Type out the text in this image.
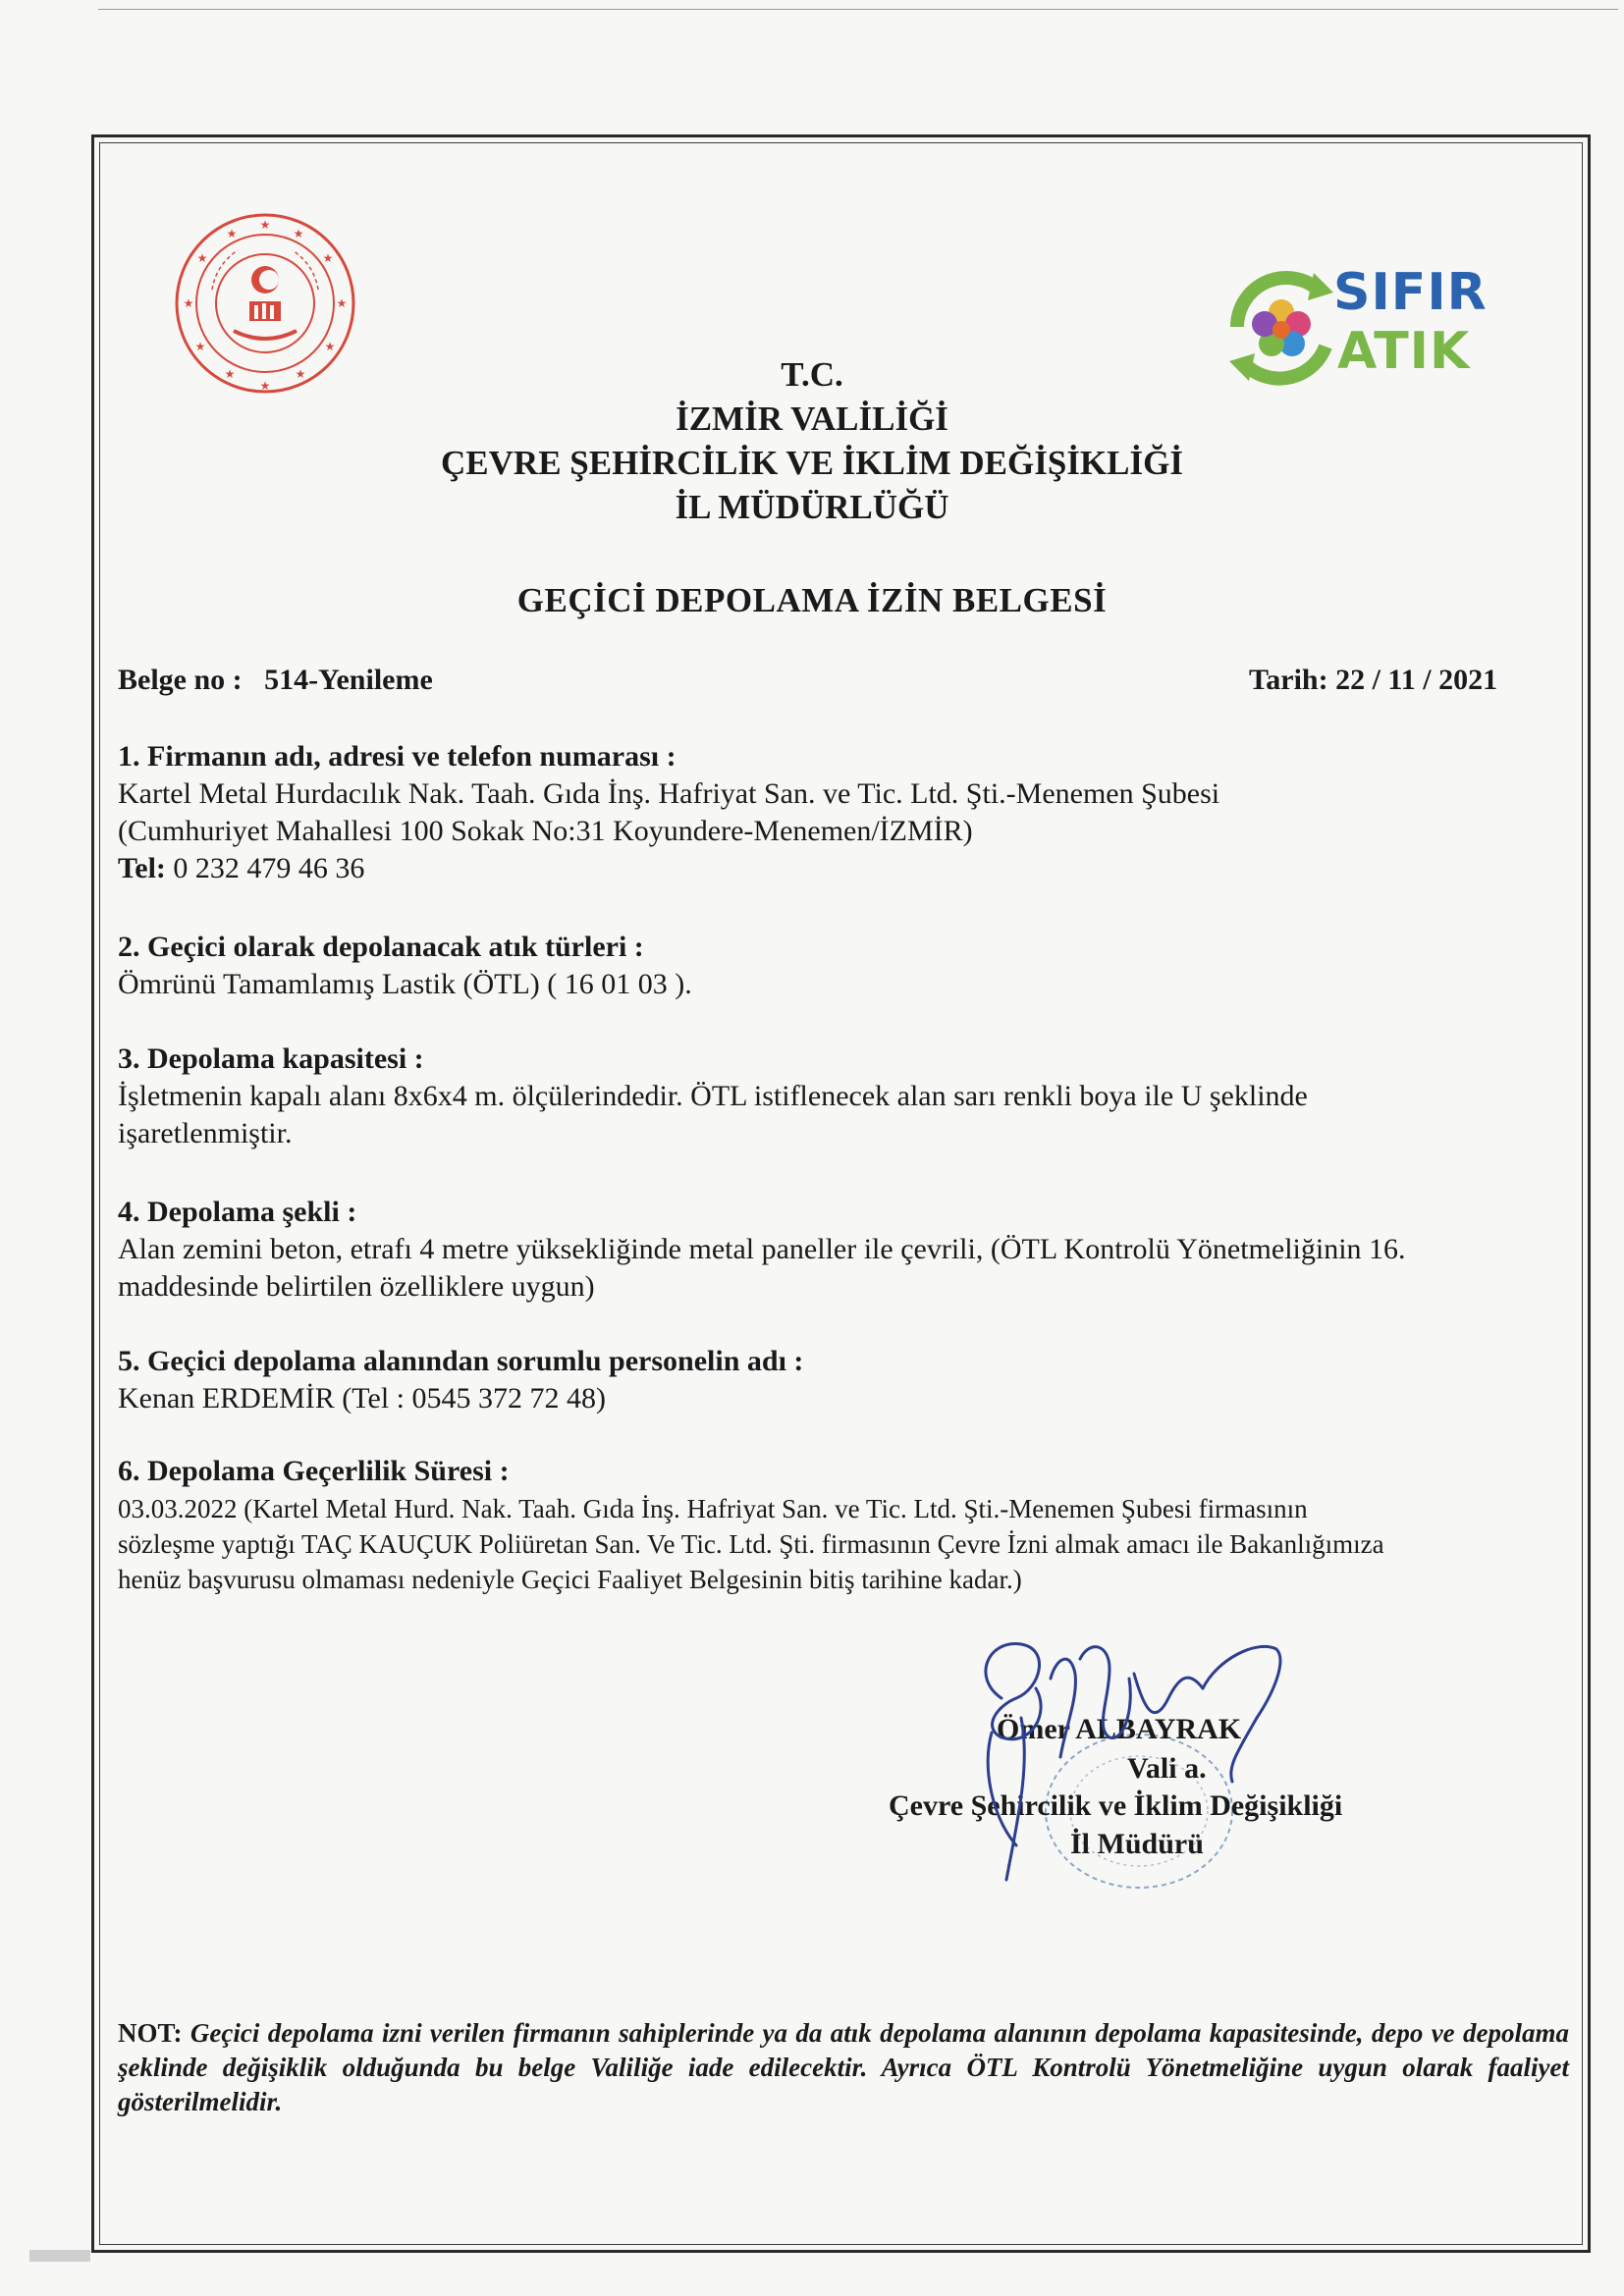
★
★	★
★	★
★	★
★	★
★	★
★
SIFIR
ATIK
T.C.
İZMİR VALİLİĞİ
ÇEVRE ŞEHİRCİLİK VE İKLİM DEĞİŞİKLİĞİ
İL MÜDÜRLÜĞÜ
GEÇİCİ DEPOLAMA İZİN BELGESİ
Belge no : 514-Yenileme	Tarih: 22 / 11 / 2021
1. Firmanın adı, adresi ve telefon numarası :
Kartel Metal Hurdacılık Nak. Taah. Gıda İnş. Hafriyat San. ve Tic. Ltd. Şti.-Menemen Şubesi
(Cumhuriyet Mahallesi 100 Sokak No:31 Koyundere-Menemen/İZMİR)
Tel: 0 232 479 46 36
2. Geçici olarak depolanacak atık türleri :
Ömrünü Tamamlamış Lastik (ÖTL) ( 16 01 03 ).
3. Depolama kapasitesi :
İşletmenin kapalı alanı 8x6x4 m. ölçülerindedir. ÖTL istiflenecek alan sarı renkli boya ile U şeklinde
işaretlenmiştir.
4. Depolama şekli :
Alan zemini beton, etrafı 4 metre yüksekliğinde metal paneller ile çevrili, (ÖTL Kontrolü Yönetmeliğinin 16.
maddesinde belirtilen özelliklere uygun)
5. Geçici depolama alanından sorumlu personelin adı :
Kenan ERDEMİR (Tel : 0545 372 72 48)
6. Depolama Geçerlilik Süresi :
03.03.2022 (Kartel Metal Hurd. Nak. Taah. Gıda İnş. Hafriyat San. ve Tic. Ltd. Şti.-Menemen Şubesi firmasının
sözleşme yaptığı TAÇ KAUÇUK Poliüretan San. Ve Tic. Ltd. Şti. firmasının Çevre İzni almak amacı ile Bakanlığımıza
henüz başvurusu olmaması nedeniyle Geçici Faaliyet Belgesinin bitiş tarihine kadar.)
Ömer ALBAYRAK
Vali a.
Çevre Şehircilik ve İklim Değişikliği
İl Müdürü
NOT: Geçici depolama izni verilen firmanın sahiplerinde ya da atık depolama alanının depolama kapasitesinde, depo ve depolama şeklinde değişiklik olduğunda bu belge Valiliğe iade edilecektir. Ayrıca ÖTL Kontrolü Yönetmeliğine uygun olarak faaliyet gösterilmelidir.
